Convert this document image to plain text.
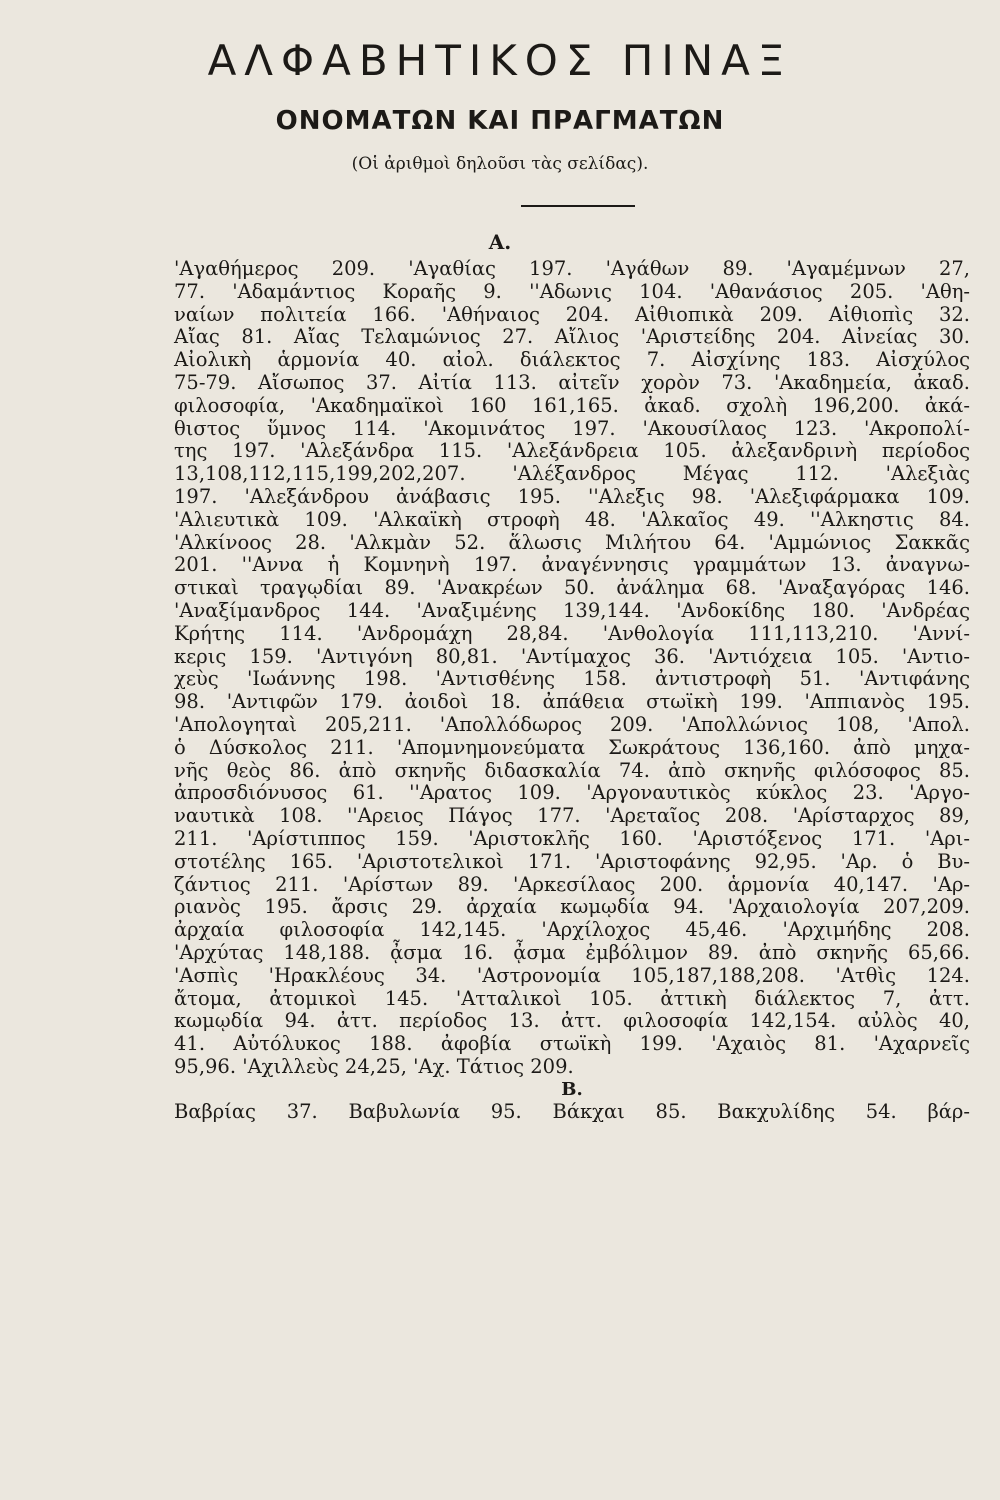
ΑΛΦΑΒΗΤΙΚΟΣ ΠΙΝΑΞ
ΟΝΟΜΑΤΩΝ ΚΑΙ ΠΡΑΓΜΑΤΩΝ

(Οἱ ἀριθμοὶ δηλοῦσι τὰς σελίδας).

Α.

'Αγαθήμερος 209. 'Αγαθίας 197. 'Αγάθων 89. 'Αγαμέμνων 27,
77. 'Αδαμάντιος Κοραῆς 9. ''Αδωνις 104. 'Αθανάσιος 205. 'Αθη-
ναίων πολιτεία 166. 'Αθήναιος 204. Αἰθιοπικὰ 209. Αἰθιοπὶς 32.
Αἴας 81. Αἴας Τελαμώνιος 27. Αἴλιος 'Αριστείδης 204. Αἰνείας 30.
Αἰολικὴ ἁρμονία 40. αἰολ. διάλεκτος 7. Αἰσχίνης 183. Αἰσχύλος
75-79. Αἴσωπος 37. Αἰτία 113. αἰτεῖν χορὸν 73. 'Ακαδημεία, ἀκαδ.
φιλοσοφία, 'Ακαδημαϊκοὶ 160 161,165. ἀκαδ. σχολὴ 196,200. ἀκά-
θιστος ὕμνος 114. 'Ακομινάτος 197. 'Ακουσίλαος 123. 'Ακροπολί-
της 197. 'Αλεξάνδρα 115. 'Αλεξάνδρεια 105. ἀλεξανδρινὴ περίοδος
13,108,112,115,199,202,207. 'Αλέξανδρος Μέγας 112. 'Αλεξιὰς
197. 'Αλεξάνδρου ἀνάβασις 195. ''Αλεξις 98. 'Αλεξιφάρμακα 109.
'Αλιευτικὰ 109. 'Αλκαϊκὴ στροφὴ 48. 'Αλκαῖος 49. ''Αλκηστις 84.
'Αλκίνοος 28. 'Αλκμὰν 52. ἅλωσις Μιλήτου 64. 'Αμμώνιος Σακκᾶς
201. ''Αννα ἡ Κομνηνὴ 197. ἀναγέννησις γραμμάτων 13. ἀναγνω-
στικαὶ τραγῳδίαι 89. 'Ανακρέων 50. ἀνάλημα 68. 'Αναξαγόρας 146.
'Αναξίμανδρος 144. 'Αναξιμένης 139,144. 'Ανδοκίδης 180. 'Ανδρέας
Κρήτης 114. 'Ανδρομάχη 28,84. 'Ανθολογία 111,113,210. 'Αννί-
κερις 159. 'Αντιγόνη 80,81. 'Αντίμαχος 36. 'Αντιόχεια 105. 'Αντιο-
χεὺς 'Ιωάννης 198. 'Αντισθένης 158. ἀντιστροφὴ 51. 'Αντιφάνης
98. 'Αντιφῶν 179. ἀοιδοὶ 18. ἀπάθεια στωϊκὴ 199. 'Αππιανὸς 195.
'Απολογηταὶ 205,211. 'Απολλόδωρος 209. 'Απολλώνιος 108, 'Απολ.
ὁ Δύσκολος 211. 'Απομνημονεύματα Σωκράτους 136,160. ἀπὸ μηχα-
νῆς θεὸς 86. ἀπὸ σκηνῆς διδασκαλία 74. ἀπὸ σκηνῆς φιλόσοφος 85.
ἀπροσδιόνυσος 61. ''Αρατος 109. 'Αργοναυτικὸς κύκλος 23. 'Αργο-
ναυτικὰ 108. ''Αρειος Πάγος 177. 'Αρεταῖος 208. 'Αρίσταρχος 89,
211. 'Αρίστιππος 159. 'Αριστοκλῆς 160. 'Αριστόξενος 171. 'Αρι-
στοτέλης 165. 'Αριστοτελικοὶ 171. 'Αριστοφάνης 92,95. 'Αρ. ὁ Βυ-
ζάντιος 211. 'Αρίστων 89. 'Αρκεσίλαος 200. ἁρμονία 40,147. 'Αρ-
ριανὸς 195. ἄρσις 29. ἀρχαία κωμῳδία 94. 'Αρχαιολογία 207,209.
ἀρχαία φιλοσοφία 142,145. 'Αρχίλοχος 45,46. 'Αρχιμήδης 208.
'Αρχύτας 148,188. ᾆσμα 16. ᾆσμα ἐμβόλιμον 89. ἀπὸ σκηνῆς 65,66.
'Ασπὶς 'Ηρακλέους 34. 'Αστρονομία 105,187,188,208. 'Ατθὶς 124.
ἄτομα, ἀτομικοὶ 145. 'Ατταλικοὶ 105. ἀττικὴ διάλεκτος 7, ἀττ.
κωμῳδία 94. ἀττ. περίοδος 13. ἀττ. φιλοσοφία 142,154. αὐλὸς 40,
41. Αὐτόλυκος 188. ἀφοβία στωϊκὴ 199. 'Αχαιὸς 81. 'Αχαρνεῖς
95,96. 'Αχιλλεὺς 24,25, 'Αχ. Τάτιος 209.
Β.
Βαβρίας 37. Βαβυλωνία 95. Βάκχαι 85. Βακχυλίδης 54. βάρ-
